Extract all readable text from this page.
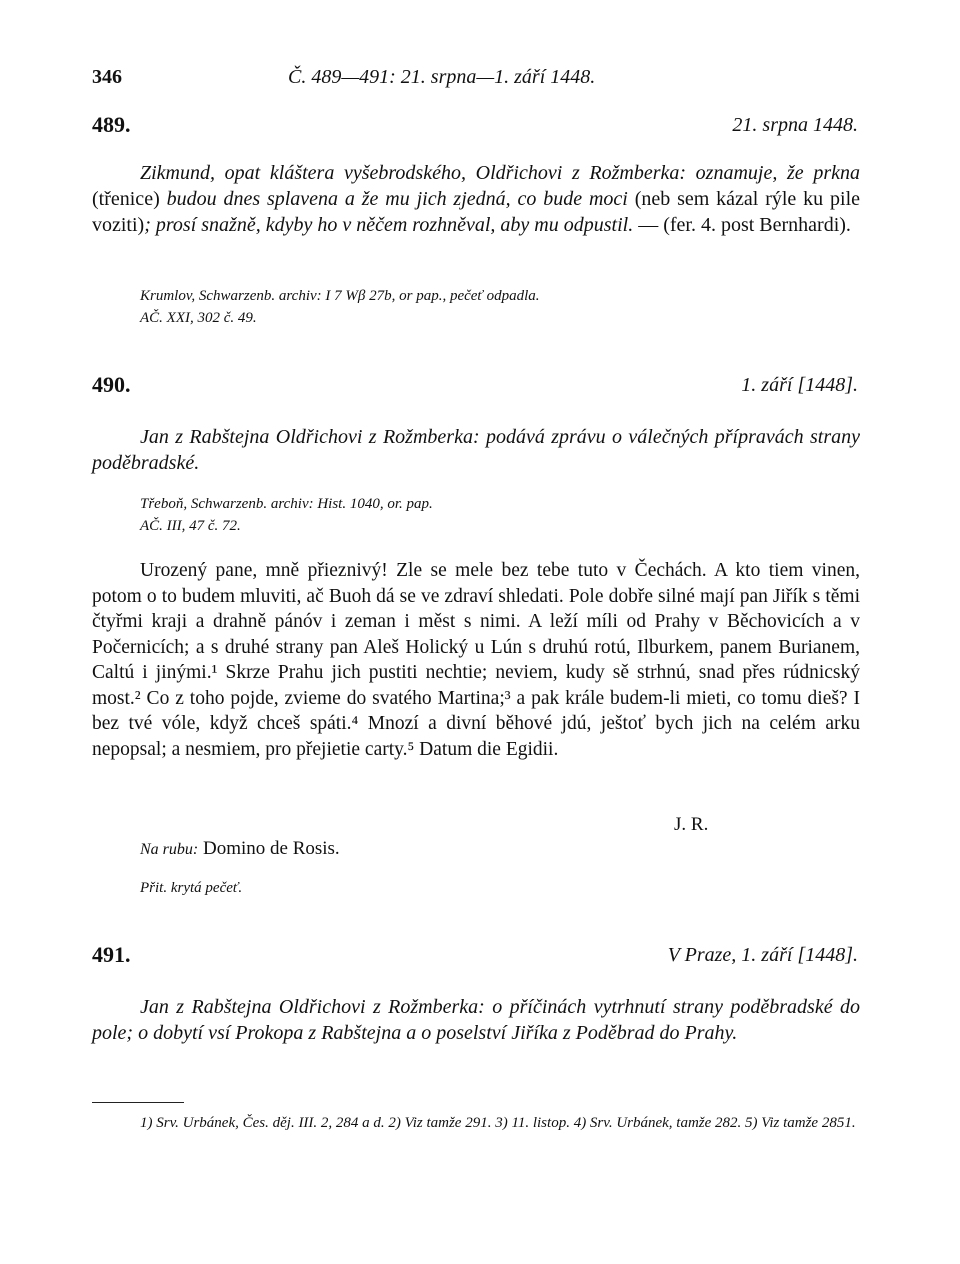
346	Č. 489—491: 21. srpna—1. září 1448.
489.	21. srpna 1448.
Zikmund, opat kláštera vyšebrodského, Oldřichovi z Rožmberka: oznamuje, že prkna (třenice) budou dnes splavena a že mu jich zjedná, co bude moci (neb sem kázal rýle ku pile voziti); prosí snažně, kdyby ho v něčem rozhněval, aby mu odpustil. — (fer. 4. post Bernhardi).
Krumlov, Schwarzenb. archiv: I 7 Wβ 27b, or pap., pečeť odpadla.
AČ. XXI, 302 č. 49.
490.	1. září [1448].
Jan z Rabštejna Oldřichovi z Rožmberka: podává zprávu o válečných přípravách strany poděbradské.
Třeboň, Schwarzenb. archiv: Hist. 1040, or. pap.
AČ. III, 47 č. 72.
Urozený pane, mně přieznivý! Zle se mele bez tebe tuto v Čechách. A kto tiem vinen, potom o to budem mluviti, ač Buoh dá se ve zdraví shledati. Pole dobře silné mají pan Jiřík s těmi čtyřmi kraji a drahně pánóv i zeman i měst s nimi. A leží míli od Prahy v Běchovicích a v Počernicích; a s druhé strany pan Aleš Holický u Lún s druhú rotú, Ilburkem, panem Burianem, Caltú i jinými.¹ Skrze Prahu jich pustiti nechtie; neviem, kudy sě strhnú, snad přes rúdnicský most.² Co z toho pojde, zvieme do svatého Martina;³ a pak krále budem-li mieti, co tomu dieš? I bez tvé vóle, když chceš spáti.⁴ Mnozí a divní běhové jdú, ještoť bych jich na celém arku nepopsal; a nesmiem, pro přejietie carty.⁵ Datum die Egidii.
J. R.
Na rubu: Domino de Rosis.
Přit. krytá pečeť.
491.	V Praze, 1. září [1448].
Jan z Rabštejna Oldřichovi z Rožmberka: o příčinách vytrhnutí strany poděbradské do pole; o dobytí vsí Prokopa z Rabštejna a o poselství Jiříka z Poděbrad do Prahy.
1) Srv. Urbánek, Čes. děj. III. 2, 284 a d. 2) Viz tamže 291. 3) 11. listop. 4) Srv. Urbánek, tamže 282. 5) Viz tamže 2851.
